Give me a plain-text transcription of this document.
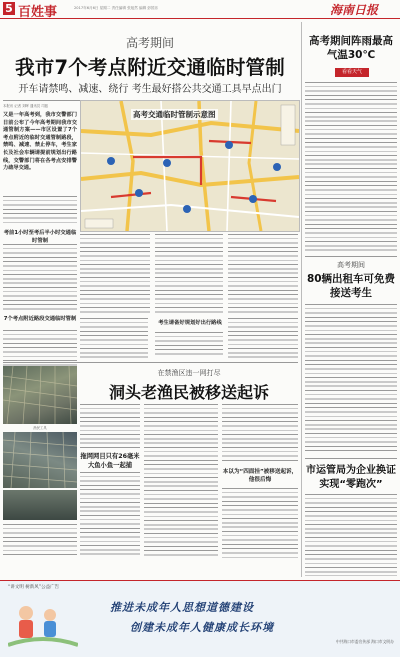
5 百姓事	2017年6月6日 星期二 责任编辑 张旭然 编辑 彭国乐	海南日报
高考期间
我市7个考点附近交通临时管制
开车请禁鸣、减速、绕行 考生最好搭公共交通工具早点出门
本报讯 记者 刘晖 通讯员 司振
又是一年高考到，我市交警部门日前公布了今年高考期间我市交通管制方案——市区设置了7个考点附近的临时交通管制路段，禁鸣、减速、禁止停车，考生家长及社会车辆请提前规划出行路线，交警部门将在各考点安排警力疏导交通。
考前1小时至考后半小时交通临时管制
7个考点附近路段交通临时管制
高考交通临时管制示意图
考生请备好规划好出行路线
高考期间阵雨最高气温30℃
看看天气
高考期间
80辆出租车可免费接送考生
市运管局为企业换证实现“零跑次”
渔民工具
在禁渔区违一网打尽
洞头老渔民被移送起诉
拖网网目只有26毫米大鱼小鱼一起捕
本以为“四面挂”被移送起诉，他很后悔
“讲文明 树新风”公益广告
推进未成年人思想道德建设
创建未成年人健康成长环境
中共海口市委宣传部 海口市文明办
